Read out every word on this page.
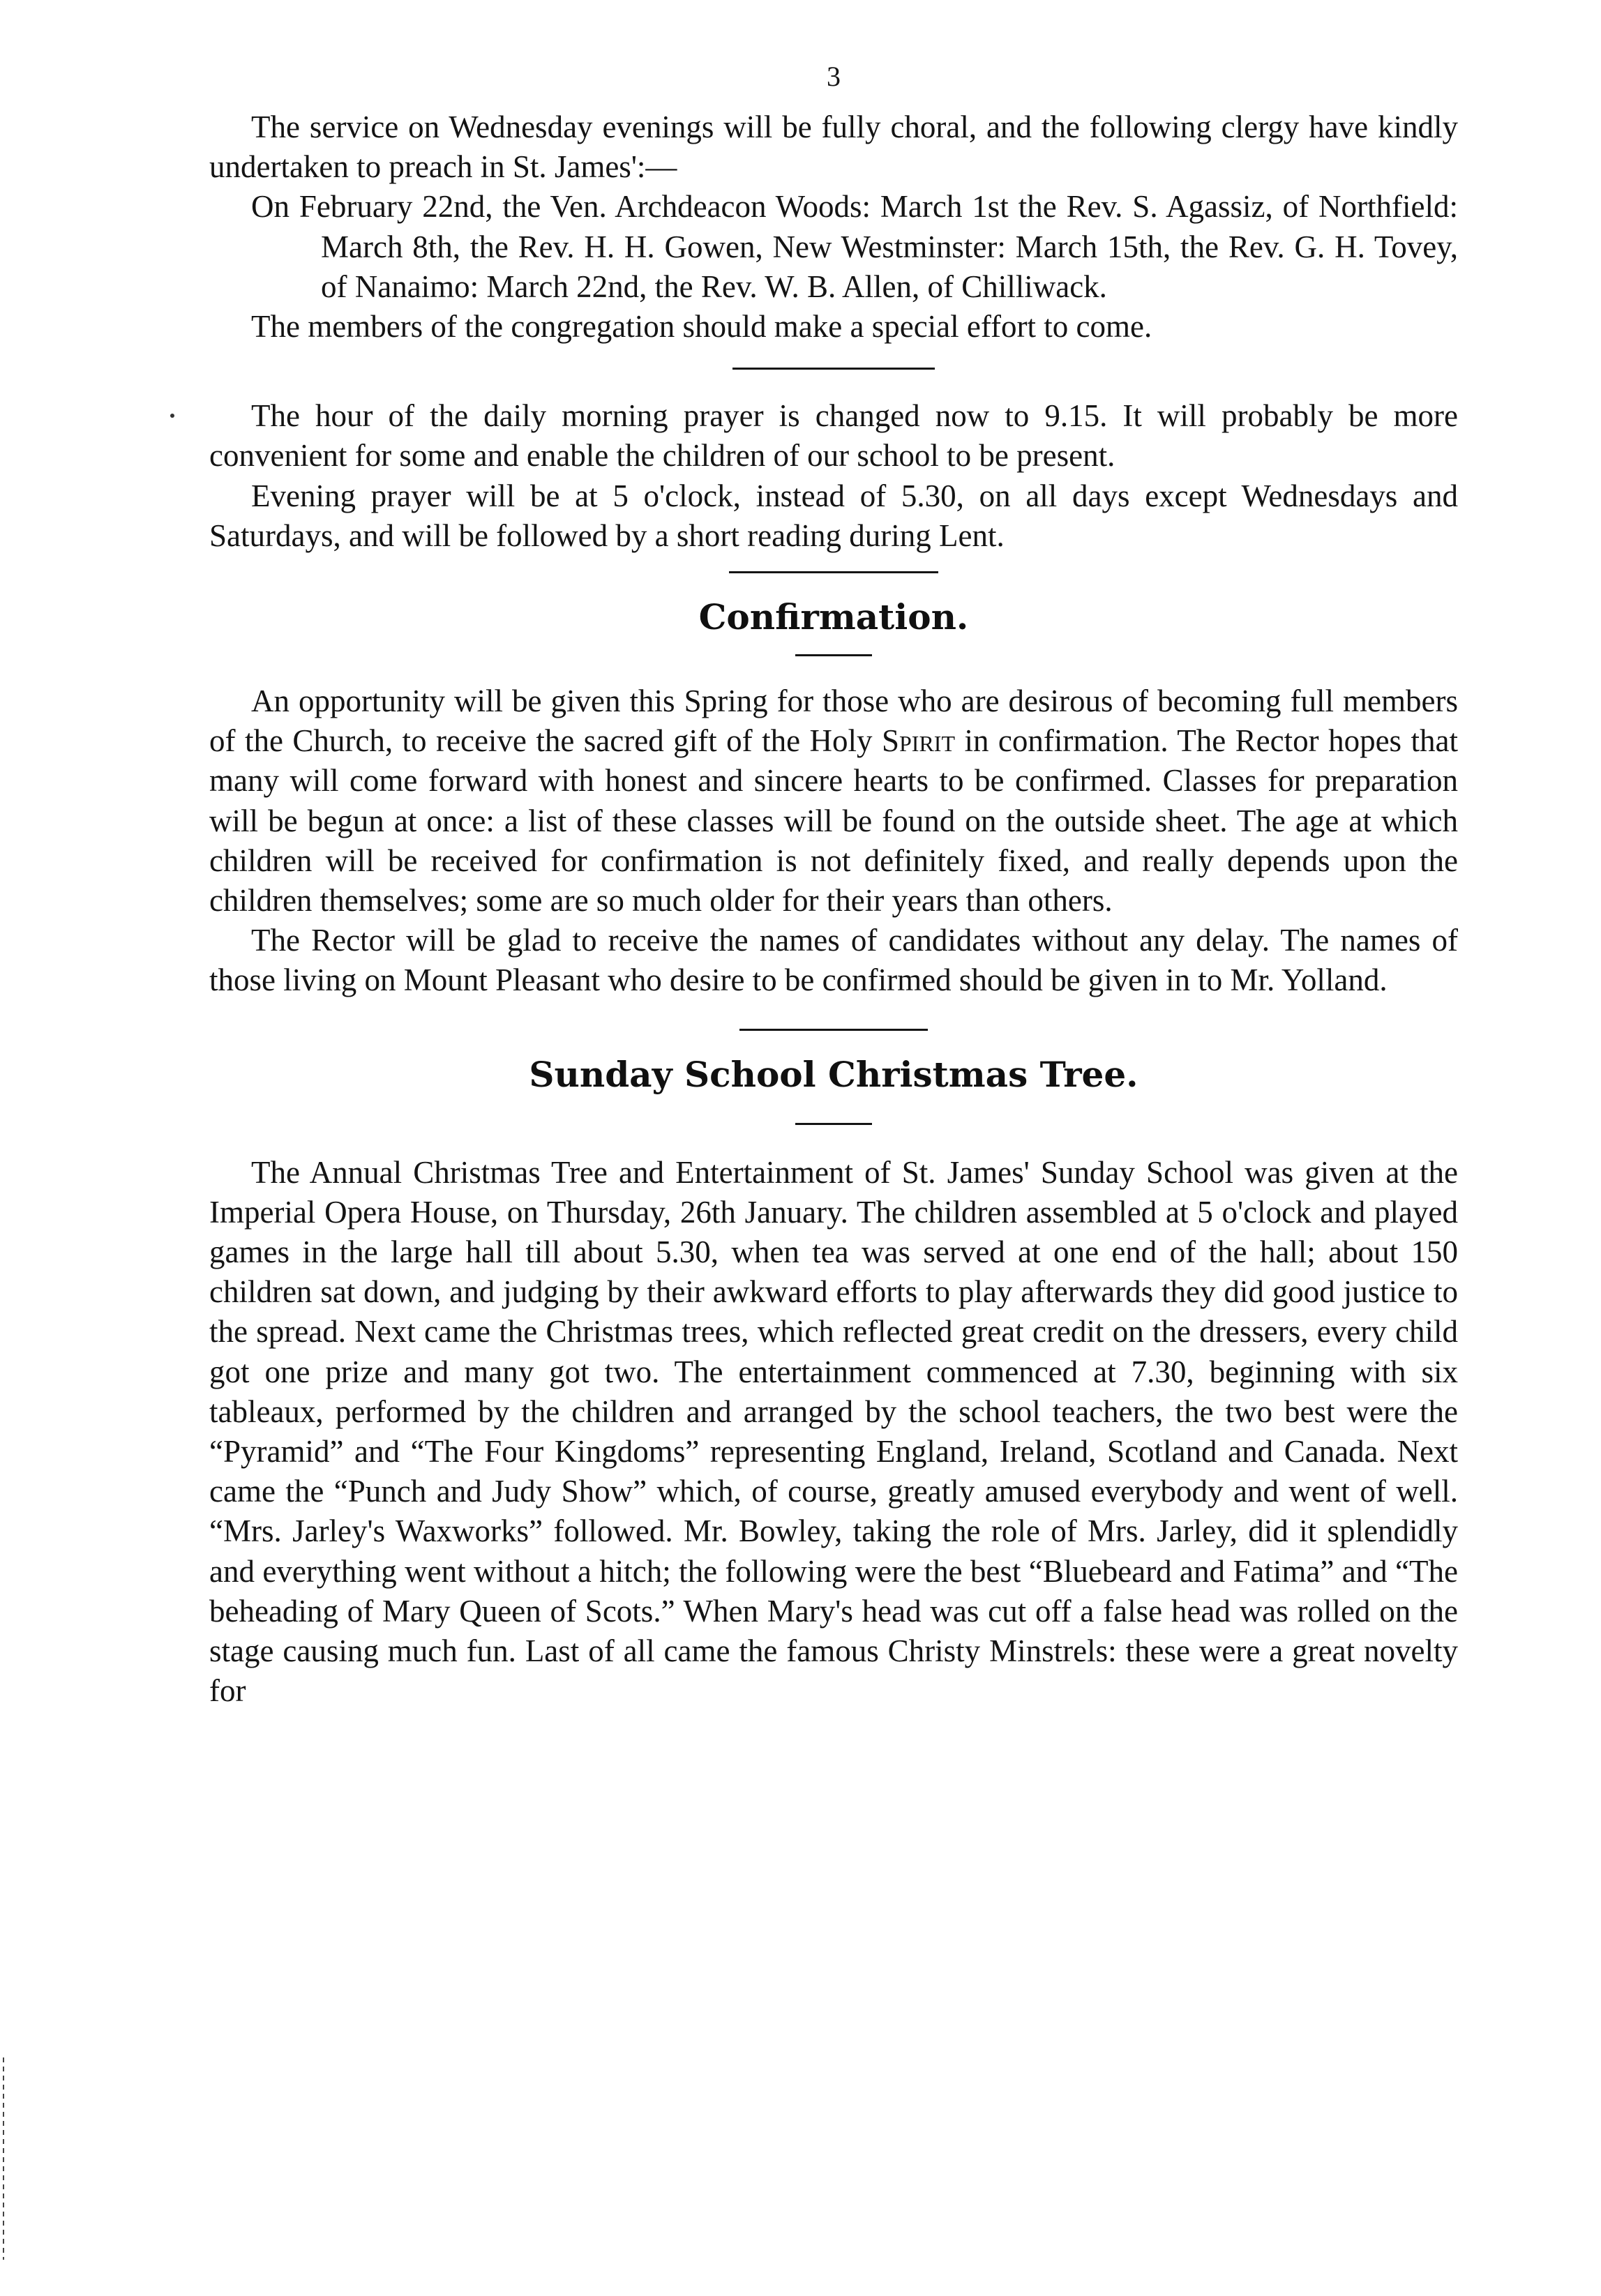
3

The service on Wednesday evenings will be fully choral, and the following clergy have kindly undertaken to preach in St. James':—

On February 22nd, the Ven. Archdeacon Woods: March 1st the Rev. S. Agassiz, of Northfield: March 8th, the Rev. H. H. Gowen, New Westminster: March 15th, the Rev. G. H. Tovey, of Nanaimo: March 22nd, the Rev. W. B. Allen, of Chilliwack.

The members of the congregation should make a special effort to come.

The hour of the daily morning prayer is changed now to 9.15. It will probably be more convenient for some and enable the children of our school to be present.

Evening prayer will be at 5 o'clock, instead of 5.30, on all days except Wednesdays and Saturdays, and will be followed by a short reading during Lent.

Confirmation.

An opportunity will be given this Spring for those who are desirous of becoming full members of the Church, to receive the sacred gift of the Holy Spirit in confirmation. The Rector hopes that many will come forward with honest and sincere hearts to be confirmed. Classes for preparation will be begun at once: a list of these classes will be found on the outside sheet. The age at which children will be received for confirmation is not definitely fixed, and really depends upon the children themselves; some are so much older for their years than others.

The Rector will be glad to receive the names of candidates without any delay. The names of those living on Mount Pleasant who desire to be confirmed should be given in to Mr. Yolland.

Sunday School Christmas Tree.

The Annual Christmas Tree and Entertainment of St. James' Sunday School was given at the Imperial Opera House, on Thursday, 26th January. The children assembled at 5 o'clock and played games in the large hall till about 5.30, when tea was served at one end of the hall; about 150 children sat down, and judging by their awkward efforts to play afterwards they did good justice to the spread. Next came the Christmas trees, which reflected great credit on the dressers, every child got one prize and many got two. The entertainment commenced at 7.30, beginning with six tableaux, performed by the children and arranged by the school teachers, the two best were the “Pyramid” and “The Four Kingdoms” representing England, Ireland, Scotland and Canada. Next came the “Punch and Judy Show” which, of course, greatly amused everybody and went of well. “Mrs. Jarley's Waxworks” followed. Mr. Bowley, taking the role of Mrs. Jarley, did it splendidly and everything went without a hitch; the following were the best “Bluebeard and Fatima” and “The beheading of Mary Queen of Scots.” When Mary's head was cut off a false head was rolled on the stage causing much fun. Last of all came the famous Christy Minstrels: these were a great novelty for
